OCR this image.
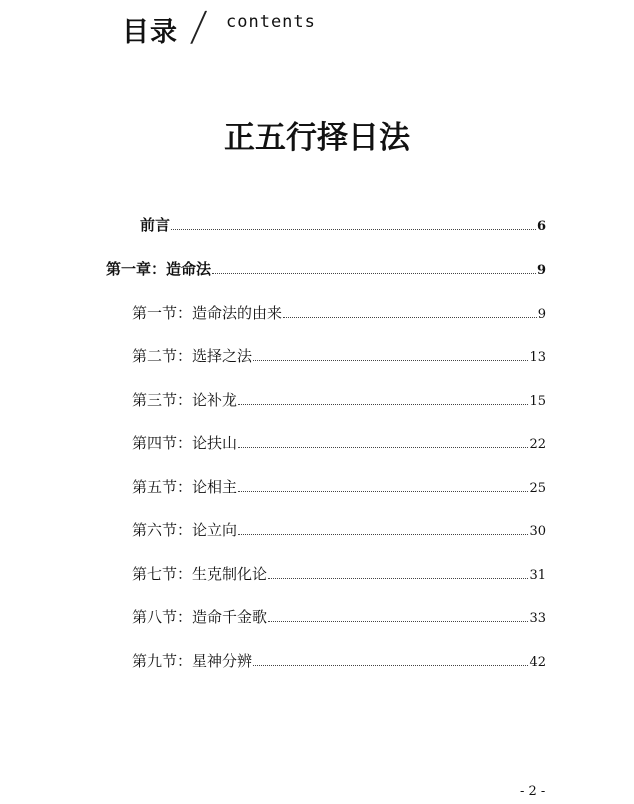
目录 / contents
正五行择日法
前言	6
第一章：造命法	9
第一节：造命法的由来	9
第二节：选择之法	13
第三节：论补龙	15
第四节：论扶山	22
第五节：论相主	25
第六节：论立向	30
第七节：生克制化论	31
第八节：造命千金歌	33
第九节：星神分辨	42
- 2 -
